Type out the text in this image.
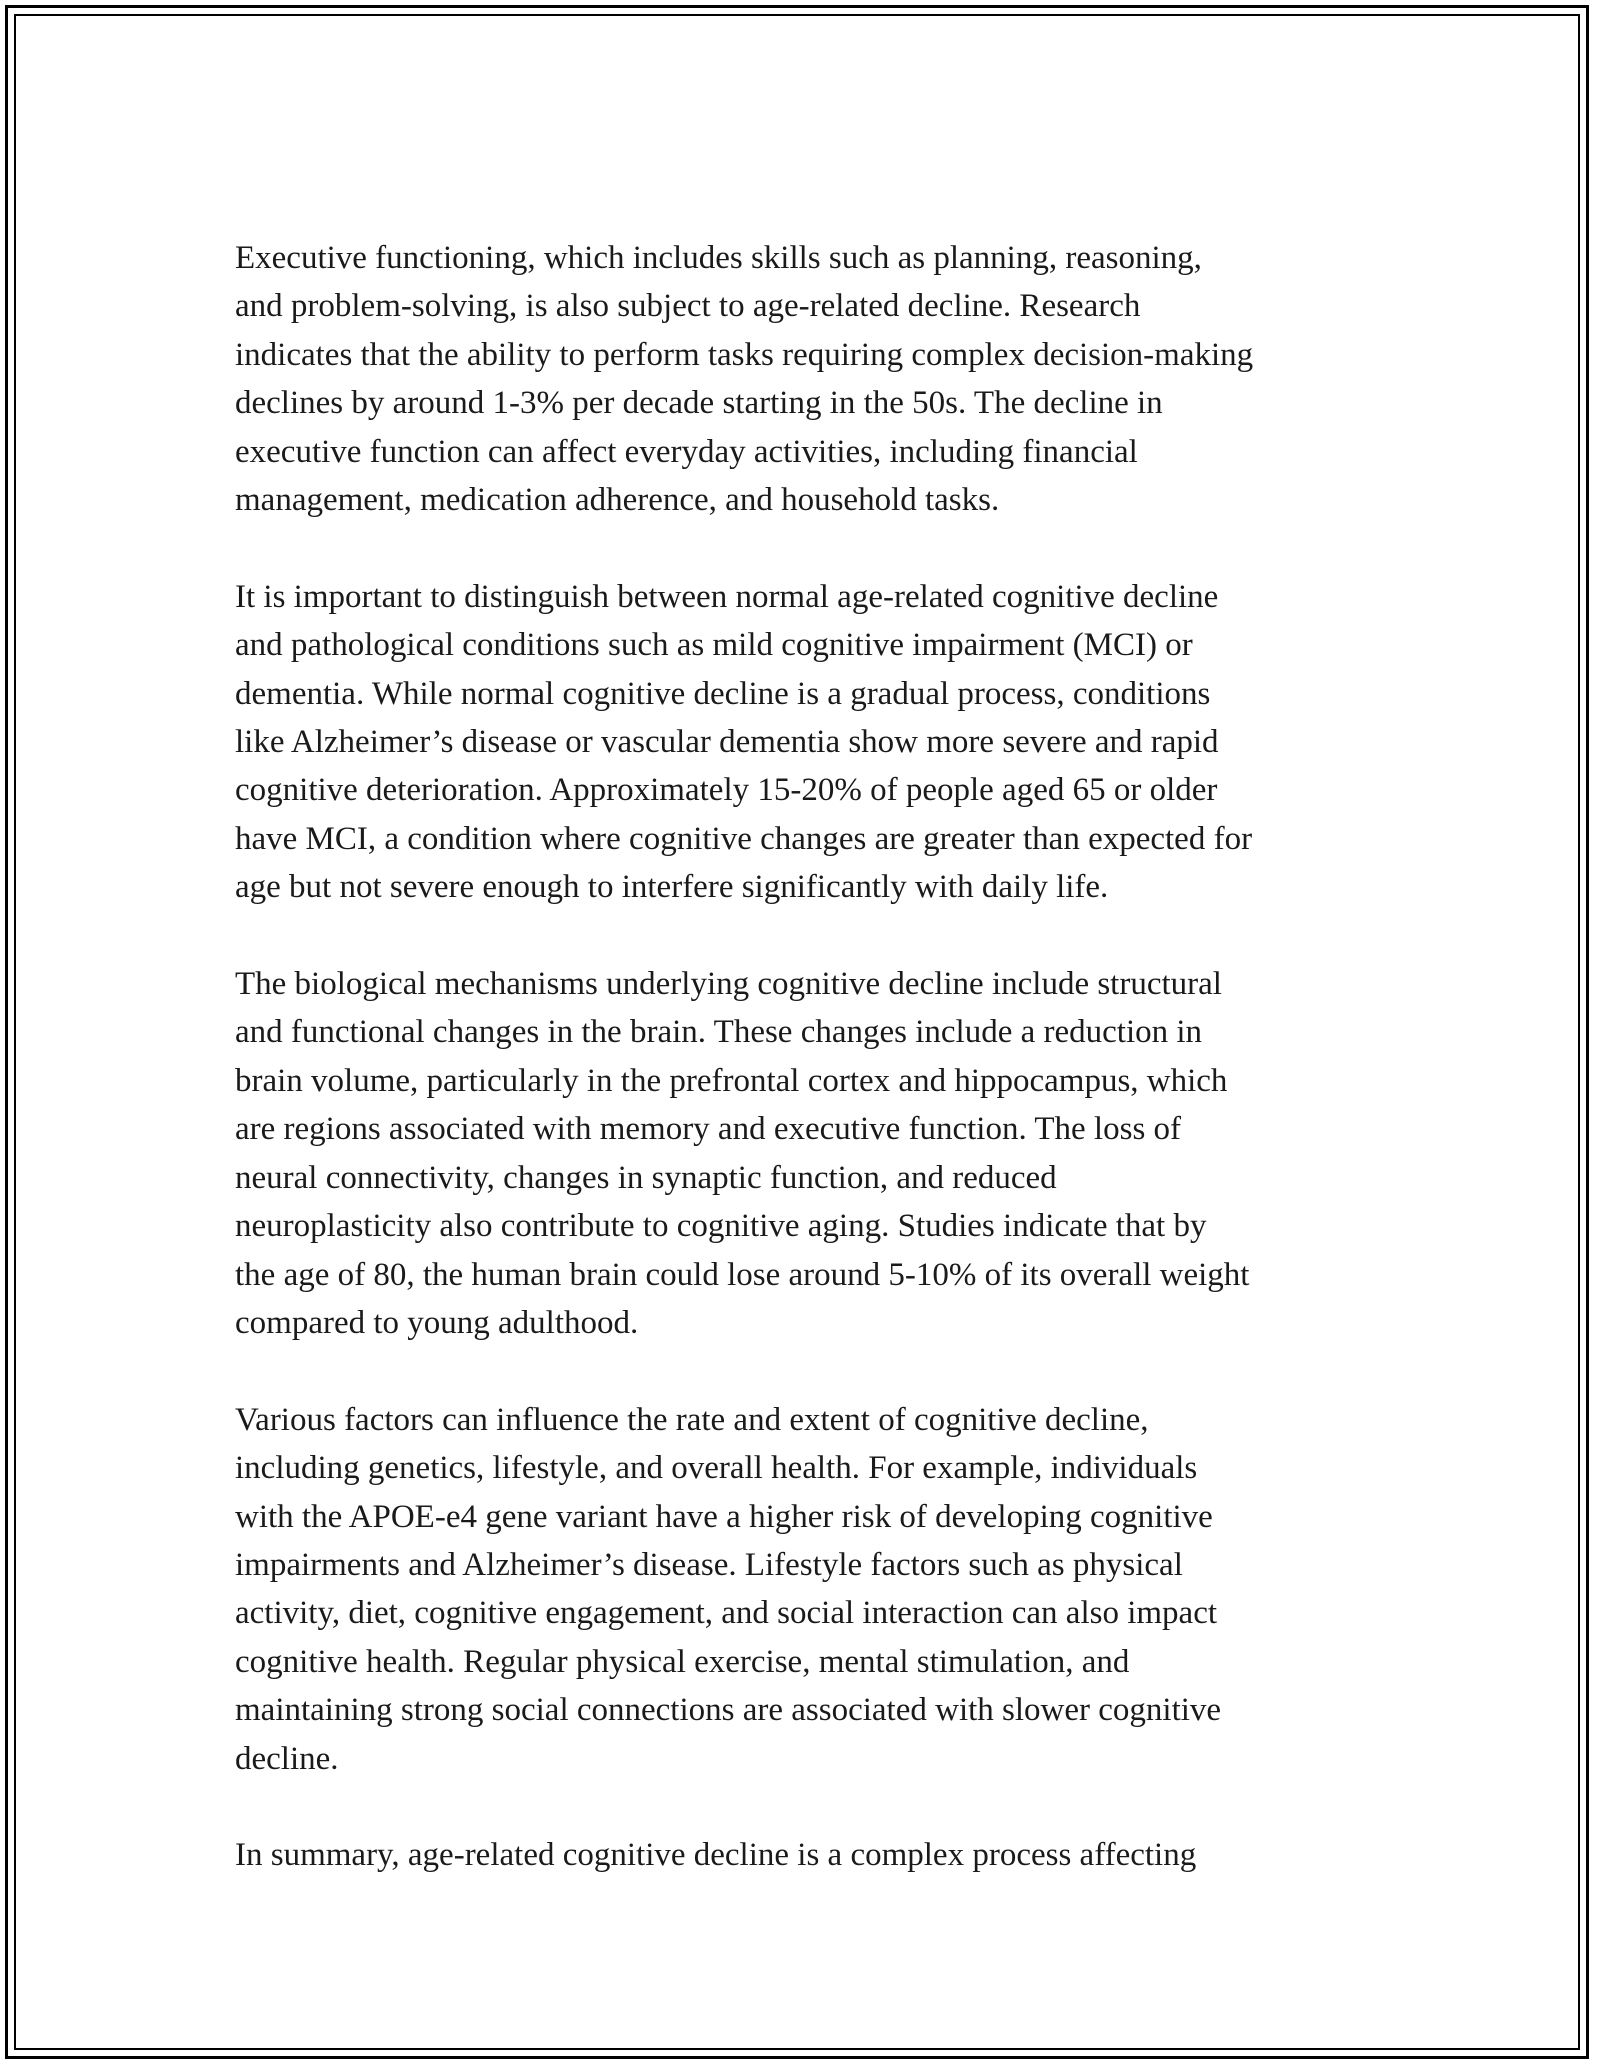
Executive functioning, which includes skills such as planning, reasoning,
and problem-solving, is also subject to age-related decline. Research
indicates that the ability to perform tasks requiring complex decision-making
declines by around 1-3% per decade starting in the 50s. The decline in
executive function can affect everyday activities, including financial
management, medication adherence, and household tasks.
It is important to distinguish between normal age-related cognitive decline
and pathological conditions such as mild cognitive impairment (MCI) or
dementia. While normal cognitive decline is a gradual process, conditions
like Alzheimer’s disease or vascular dementia show more severe and rapid
cognitive deterioration. Approximately 15-20% of people aged 65 or older
have MCI, a condition where cognitive changes are greater than expected for
age but not severe enough to interfere significantly with daily life.
The biological mechanisms underlying cognitive decline include structural
and functional changes in the brain. These changes include a reduction in
brain volume, particularly in the prefrontal cortex and hippocampus, which
are regions associated with memory and executive function. The loss of
neural connectivity, changes in synaptic function, and reduced
neuroplasticity also contribute to cognitive aging. Studies indicate that by
the age of 80, the human brain could lose around 5-10% of its overall weight
compared to young adulthood.
Various factors can influence the rate and extent of cognitive decline,
including genetics, lifestyle, and overall health. For example, individuals
with the APOE-e4 gene variant have a higher risk of developing cognitive
impairments and Alzheimer’s disease. Lifestyle factors such as physical
activity, diet, cognitive engagement, and social interaction can also impact
cognitive health. Regular physical exercise, mental stimulation, and
maintaining strong social connections are associated with slower cognitive
decline.
In summary, age-related cognitive decline is a complex process affecting
